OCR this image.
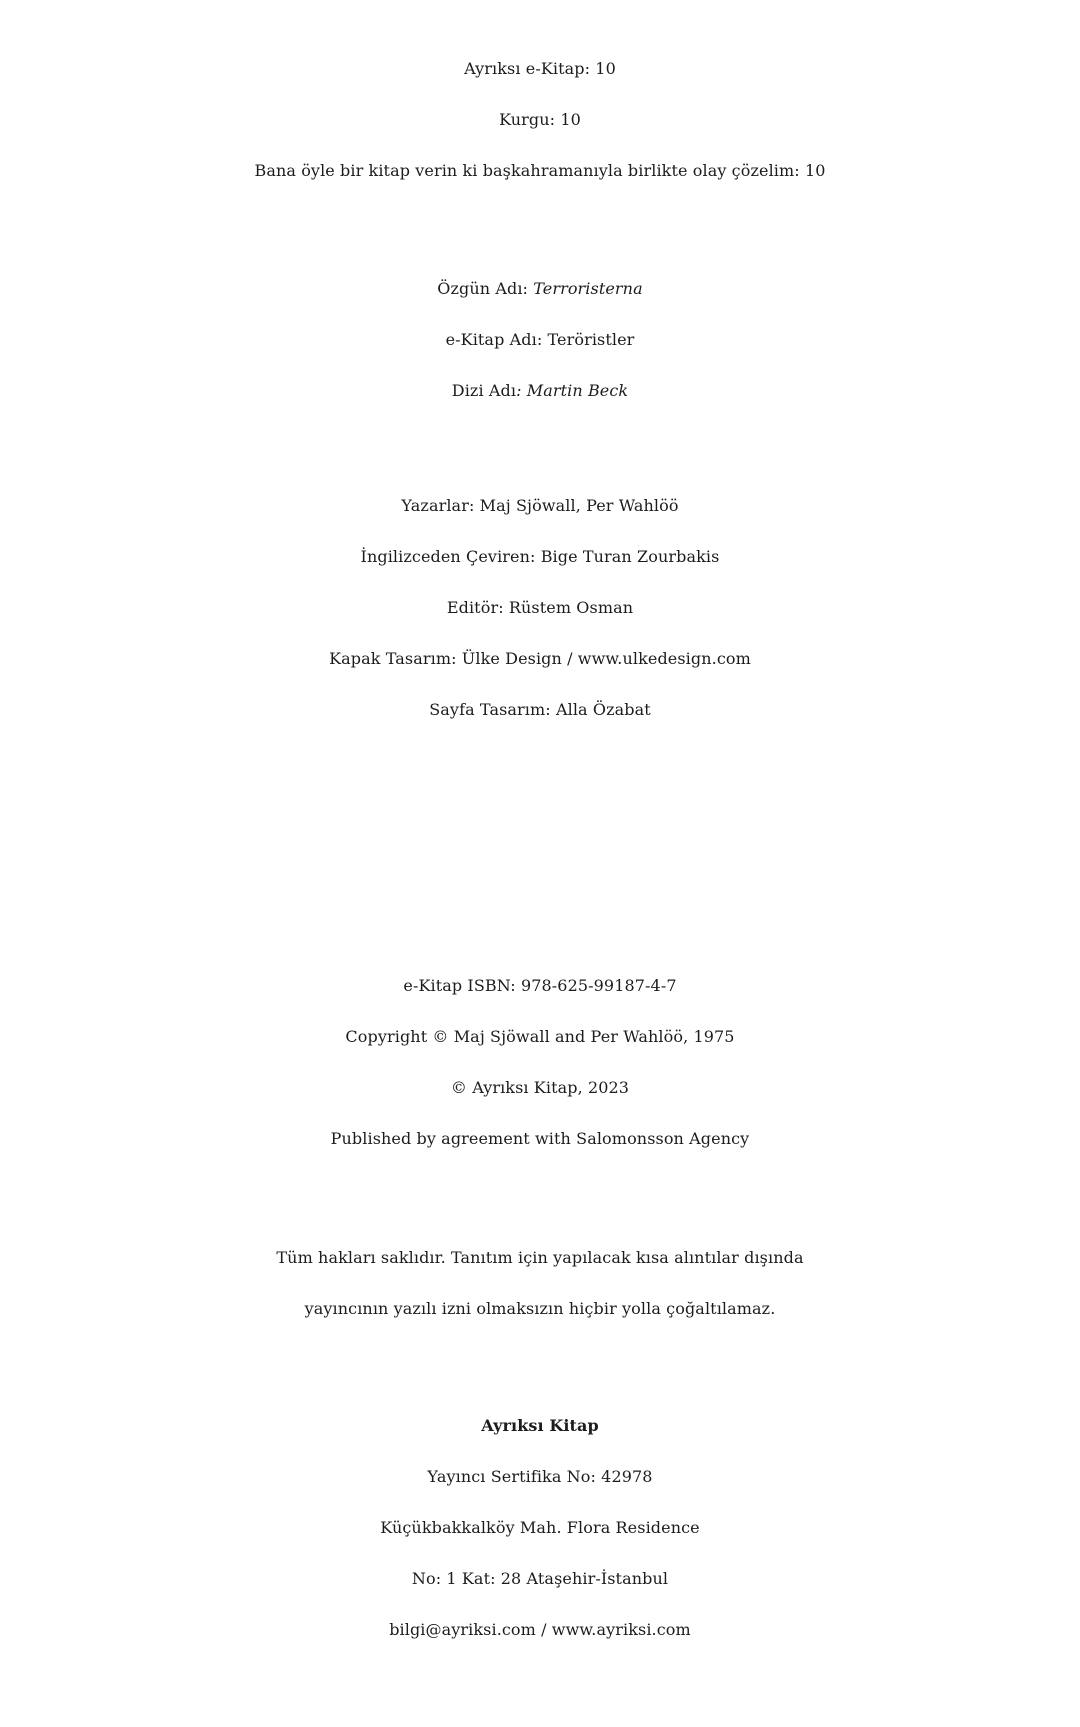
Ayrıksı e-Kitap: 10
Kurgu: 10
Bana öyle bir kitap verin ki başkahramanıyla birlikte olay çözelim: 10
Özgün Adı: Terroristerna
e-Kitap Adı: Teröristler
Dizi Adı: Martin Beck
Yazarlar: Maj Sjöwall, Per Wahlöö
İngilizceden Çeviren: Bige Turan Zourbakis
Editör: Rüstem Osman
Kapak Tasarım: Ülke Design / www.ulkedesign.com
Sayfa Tasarım: Alla Özabat
e-Kitap ISBN: 978-625-99187-4-7
Copyright © Maj Sjöwall and Per Wahlöö, 1975
© Ayrıksı Kitap, 2023
Published by agreement with Salomonsson Agency
Tüm hakları saklıdır. Tanıtım için yapılacak kısa alıntılar dışında
yayıncının yazılı izni olmaksızın hiçbir yolla çoğaltılamaz.
Ayrıksı Kitap
Yayıncı Sertifika No: 42978
Küçükbakkalköy Mah. Flora Residence
No: 1 Kat: 28 Ataşehir-İstanbul
bilgi@ayriksi.com / www.ayriksi.com
